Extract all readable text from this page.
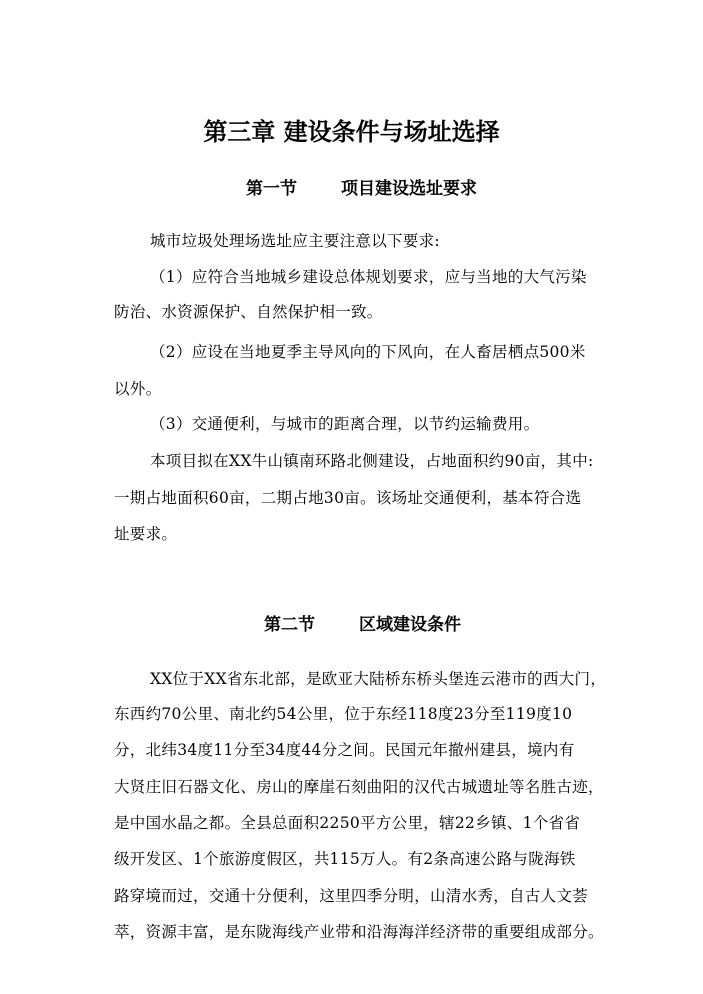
第三章 建设条件与场址选择
第一节	项目建设选址要求
城市垃圾处理场选址应主要注意以下要求:
（1）应符合当地城乡建设总体规划要求，应与当地的大气污染
防治、水资源保护、自然保护相一致。
（2）应设在当地夏季主导风向的下风向，在人畜居栖点500米
以外。
（3）交通便利，与城市的距离合理，以节约运输费用。
本项目拟在XX牛山镇南环路北侧建设，占地面积约90亩，其中:
一期占地面积60亩，二期占地30亩。该场址交通便利，基本符合选
址要求。
第二节	区域建设条件
XX位于XX省东北部，是欧亚大陆桥东桥头堡连云港市的西大门，
东西约70公里、南北约54公里，位于东经118度23分至119度10
分，北纬34度11分至34度44分之间。民国元年撤州建县，境内有
大贤庄旧石器文化、房山的摩崖石刻曲阳的汉代古城遗址等名胜古迹，
是中国水晶之都。全县总面积2250平方公里，辖22乡镇、1个省省
级开发区、1个旅游度假区，共115万人。有2条高速公路与陇海铁
路穿境而过，交通十分便利，这里四季分明，山清水秀，自古人文荟
萃，资源丰富，是东陇海线产业带和沿海海洋经济带的重要组成部分。
